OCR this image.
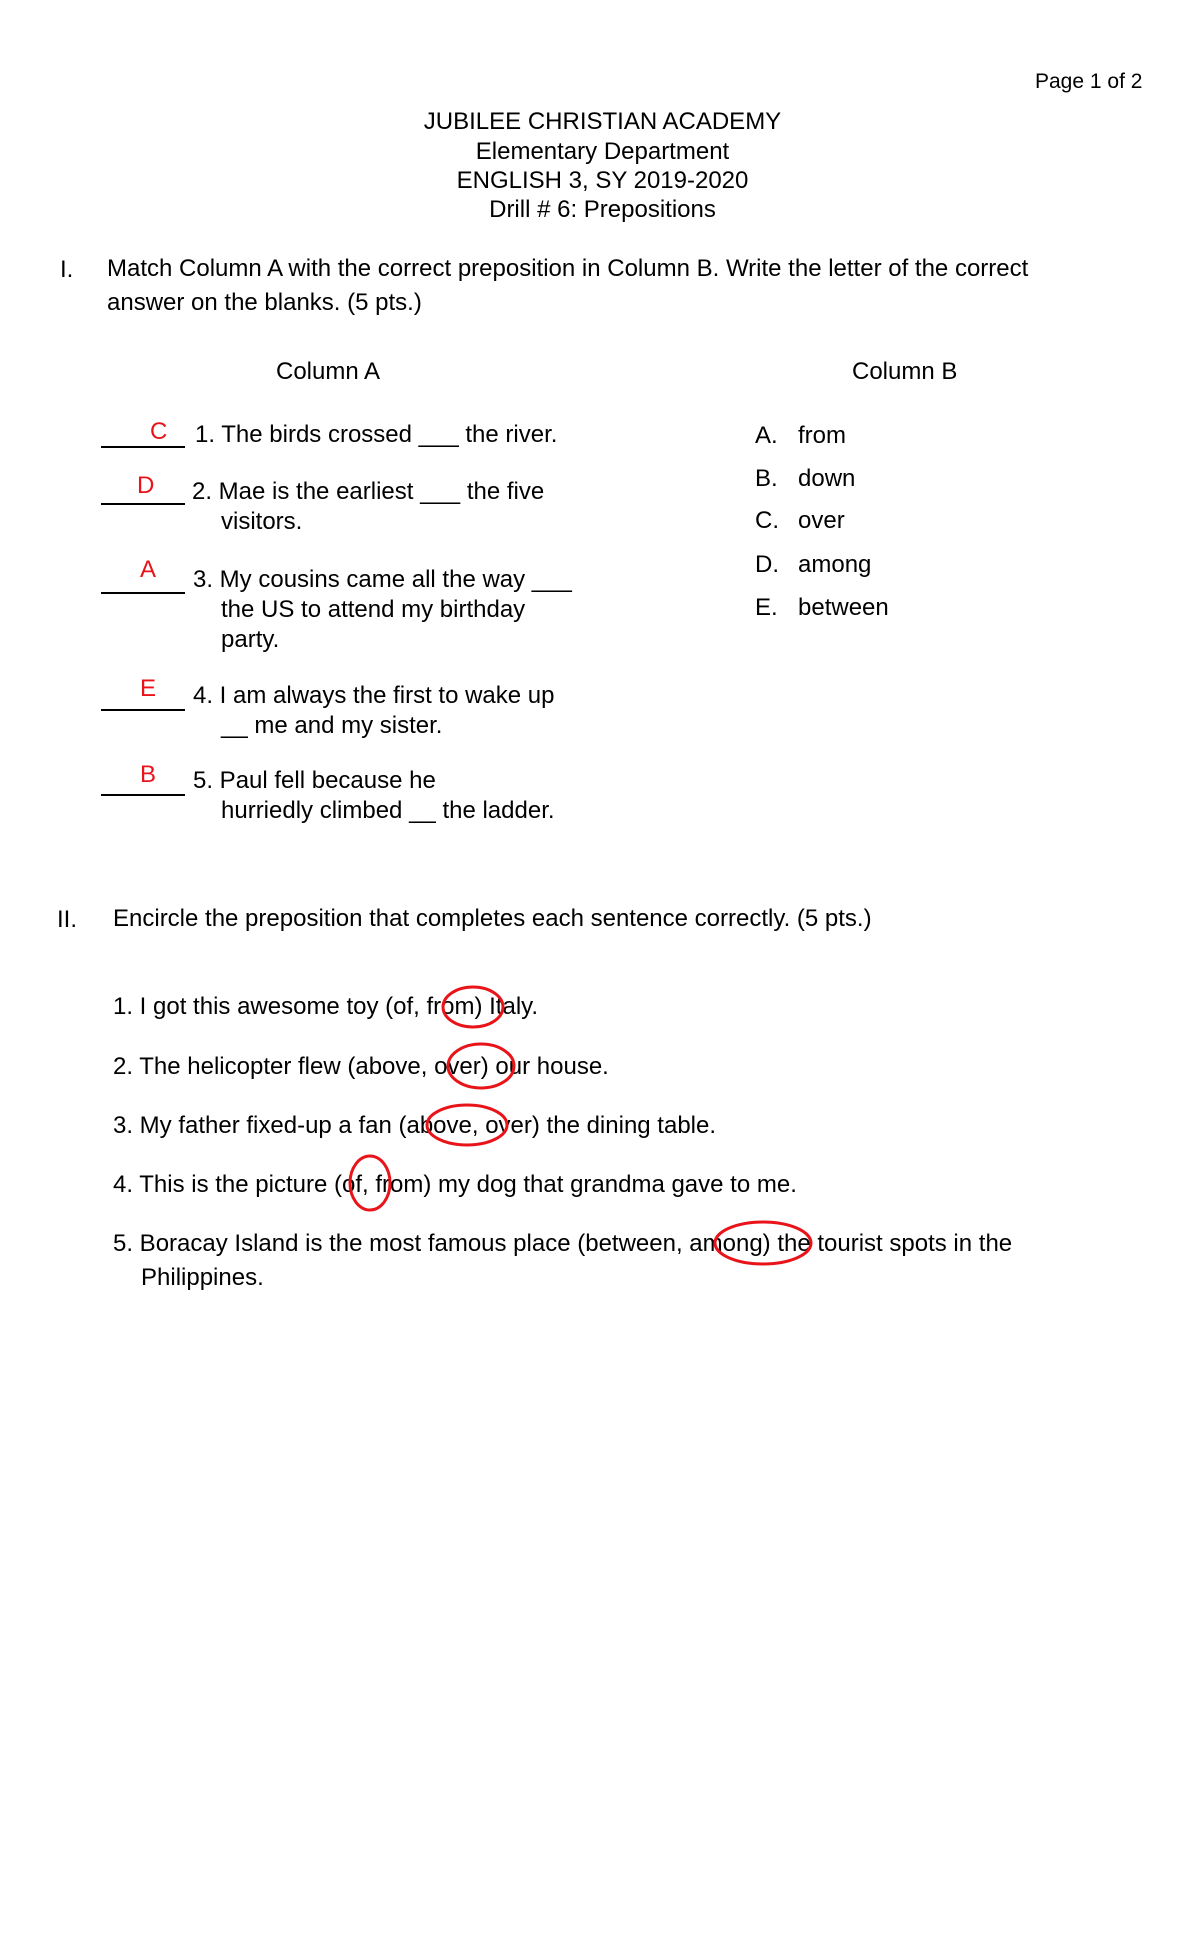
Page 1 of 2
JUBILEE CHRISTIAN ACADEMY
Elementary Department
ENGLISH 3, SY 2019-2020
Drill # 6: Prepositions
I. Match Column A with the correct preposition in Column B. Write the letter of the correct
answer on the blanks. (5 pts.)
Column A	Column B
C 1. The birds crossed ___ the river.
D 2. Mae is the earliest ___ the five
visitors.
A 3. My cousins came all the way ___
the US to attend my birthday
party.
E 4. I am always the first to wake up
__ me and my sister.
B 5. Paul fell because he
hurriedly climbed __ the ladder.
A. from
B. down
C. over
D. among
E. between
II. Encircle the preposition that completes each sentence correctly. (5 pts.)
1. I got this awesome toy (of, from) Italy.
2. The helicopter flew (above, over) our house.
3. My father fixed-up a fan (above, over) the dining table.
4. This is the picture (of, from) my dog that grandma gave to me.
5. Boracay Island is the most famous place (between, among) the tourist spots in the
Philippines.
